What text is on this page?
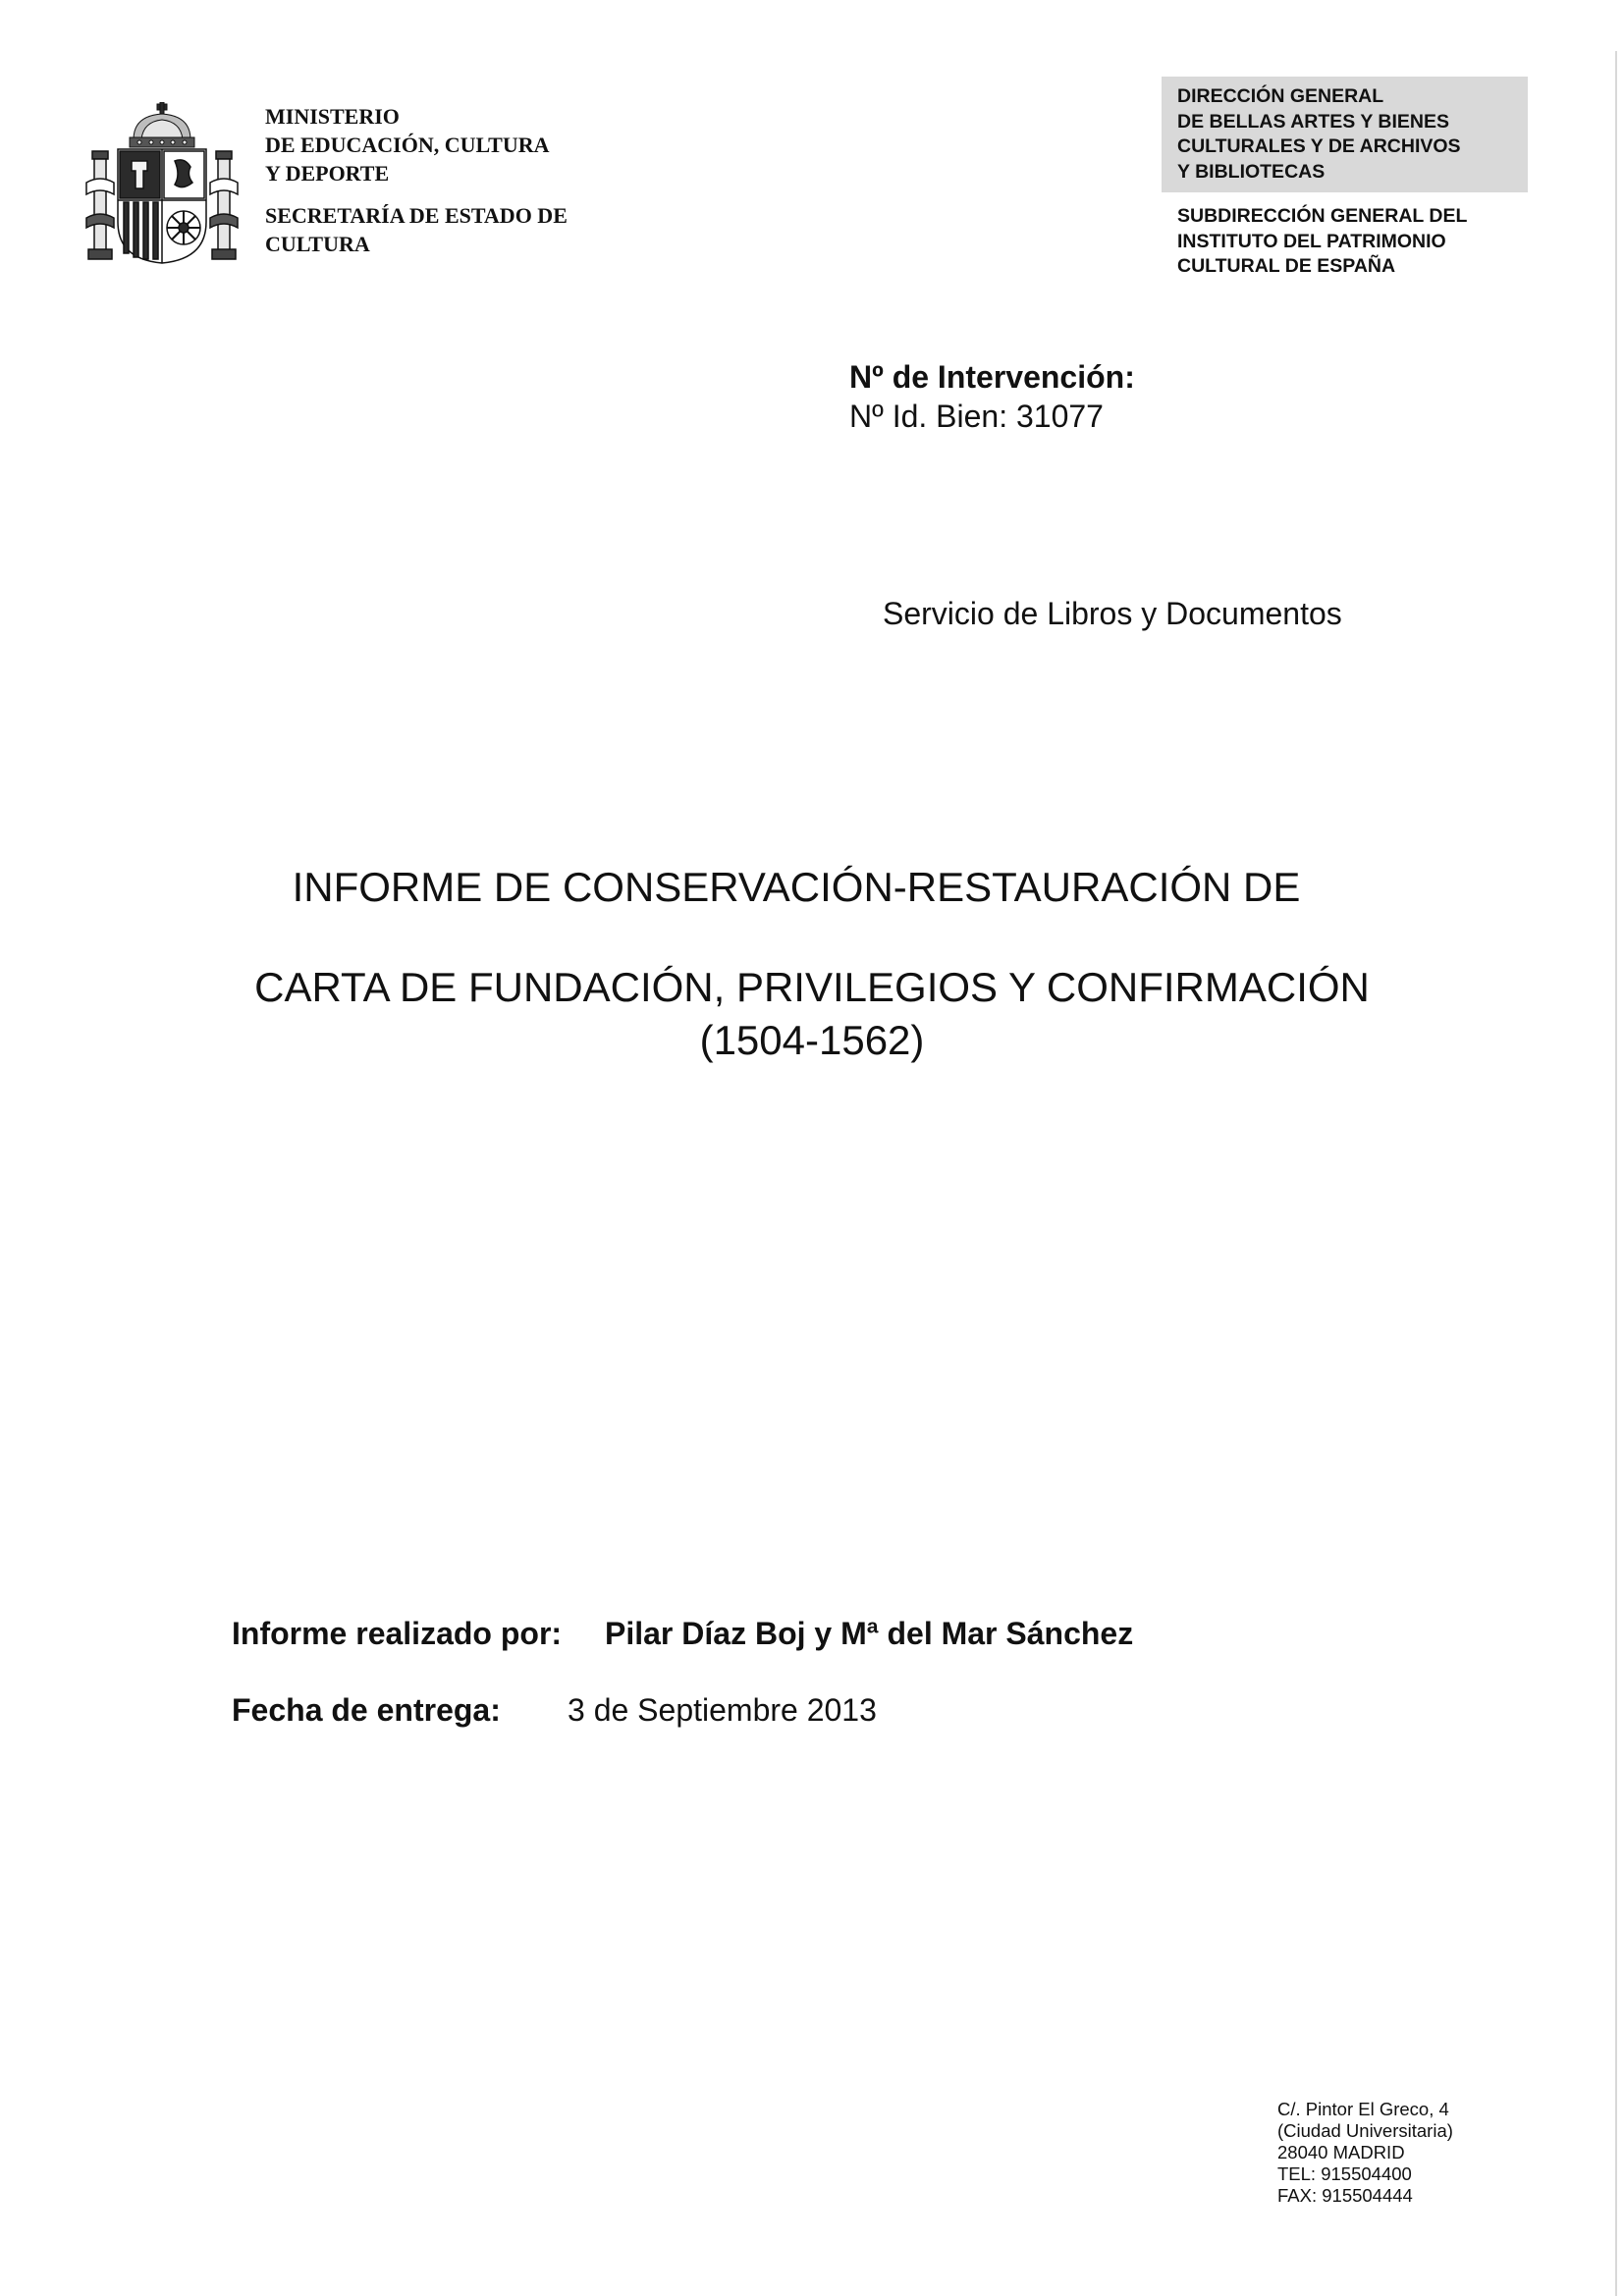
MINISTERIO
DE EDUCACIÓN, CULTURA
Y DEPORTE
SECRETARÍA DE ESTADO DE
CULTURA
DIRECCIÓN GENERAL
DE BELLAS ARTES Y BIENES
CULTURALES Y DE ARCHIVOS
Y BIBLIOTECAS
SUBDIRECCIÓN GENERAL DEL
INSTITUTO DEL PATRIMONIO
CULTURAL DE ESPAÑA
Nº de Intervención:
Nº Id. Bien: 31077
Servicio de Libros y Documentos
INFORME DE CONSERVACIÓN-RESTAURACIÓN DE
CARTA DE FUNDACIÓN, PRIVILEGIOS Y CONFIRMACIÓN
(1504-1562)
Informe realizado por: Pilar Díaz Boj y Mª del Mar Sánchez
Fecha de entrega: 3 de Septiembre 2013
C/. Pintor El Greco, 4
(Ciudad Universitaria)
28040 MADRID
TEL: 915504400
FAX: 915504444
